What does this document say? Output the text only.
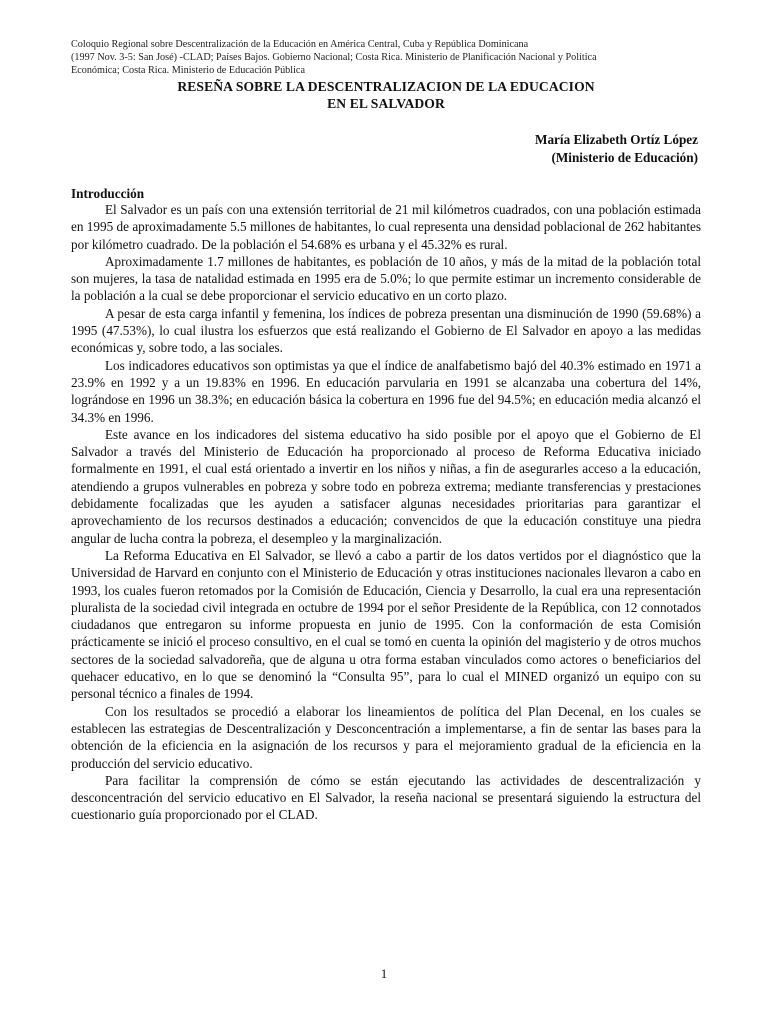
Coloquio Regional sobre Descentralización de la Educación en América Central, Cuba y República Dominicana
(1997 Nov. 3-5: San José) -CLAD; Países Bajos. Gobierno Nacional; Costa Rica. Ministerio de Planificación Nacional y Política
Económica; Costa Rica. Ministerio de Educación Pública
RESEÑA SOBRE LA DESCENTRALIZACION DE LA EDUCACION
EN EL SALVADOR
María Elizabeth Ortíz López
(Ministerio de Educación)
Introducción

El Salvador es un país con una extensión territorial de 21 mil kilómetros cuadrados, con una población estimada en 1995 de aproximadamente 5.5 millones de habitantes, lo cual representa una densidad poblacional de 262 habitantes por kilómetro cuadrado. De la población el 54.68% es urbana y el 45.32% es rural.

Aproximadamente 1.7 millones de habitantes, es población de 10 años, y más de la mitad de la población total son mujeres, la tasa de natalidad estimada en 1995 era de 5.0%; lo que permite estimar un incremento considerable de la población a la cual se debe proporcionar el servicio educativo en un corto plazo.

A pesar de esta carga infantil y femenina, los índices de pobreza presentan una disminución de 1990 (59.68%) a 1995 (47.53%), lo cual ilustra los esfuerzos que está realizando el Gobierno de El Salvador en apoyo a las medidas económicas y, sobre todo, a las sociales.

Los indicadores educativos son optimistas ya que el índice de analfabetismo bajó del 40.3% estimado en 1971 a 23.9% en 1992 y a un 19.83% en 1996. En educación parvularia en 1991 se alcanzaba una cobertura del 14%, lográndose en 1996 un 38.3%; en educación básica la cobertura en 1996 fue del 94.5%; en educación media alcanzó el 34.3% en 1996.

Este avance en los indicadores del sistema educativo ha sido posible por el apoyo que el Gobierno de El Salvador a través del Ministerio de Educación ha proporcionado al proceso de Reforma Educativa iniciado formalmente en 1991, el cual está orientado a invertir en los niños y niñas, a fin de asegurarles acceso a la educación, atendiendo a grupos vulnerables en pobreza y sobre todo en pobreza extrema; mediante transferencias y prestaciones debidamente focalizadas que les ayuden a satisfacer algunas necesidades prioritarias para garantizar el aprovechamiento de los recursos destinados a educación; convencidos de que la educación constituye una piedra angular de lucha contra la pobreza, el desempleo y la marginalización.

La Reforma Educativa en El Salvador, se llevó a cabo a partir de los datos vertidos por el diagnóstico que la Universidad de Harvard en conjunto con el Ministerio de Educación y otras instituciones nacionales llevaron a cabo en 1993, los cuales fueron retomados por la Comisión de Educación, Ciencia y Desarrollo, la cual era una representación pluralista de la sociedad civil integrada en octubre de 1994 por el señor Presidente de la República, con 12 connotados ciudadanos que entregaron su informe propuesta en junio de 1995. Con la conformación de esta Comisión prácticamente se inició el proceso consultivo, en el cual se tomó en cuenta la opinión del magisterio y de otros muchos sectores de la sociedad salvadoreña, que de alguna u otra forma estaban vinculados como actores o beneficiarios del quehacer educativo, en lo que se denominó la “Consulta 95”, para lo cual el MINED organizó un equipo con su personal técnico a finales de 1994.

Con los resultados se procedió a elaborar los lineamientos de política del Plan Decenal, en los cuales se establecen las estrategias de Descentralización y Desconcentración a implementarse, a fin de sentar las bases para la obtención de la eficiencia en la asignación de los recursos y para el mejoramiento gradual de la eficiencia en la producción del servicio educativo.

Para facilitar la comprensión de cómo se están ejecutando las actividades de descentralización y desconcentración del servicio educativo en El Salvador, la reseña nacional se presentará siguiendo la estructura del cuestionario guía proporcionado por el CLAD.

1
